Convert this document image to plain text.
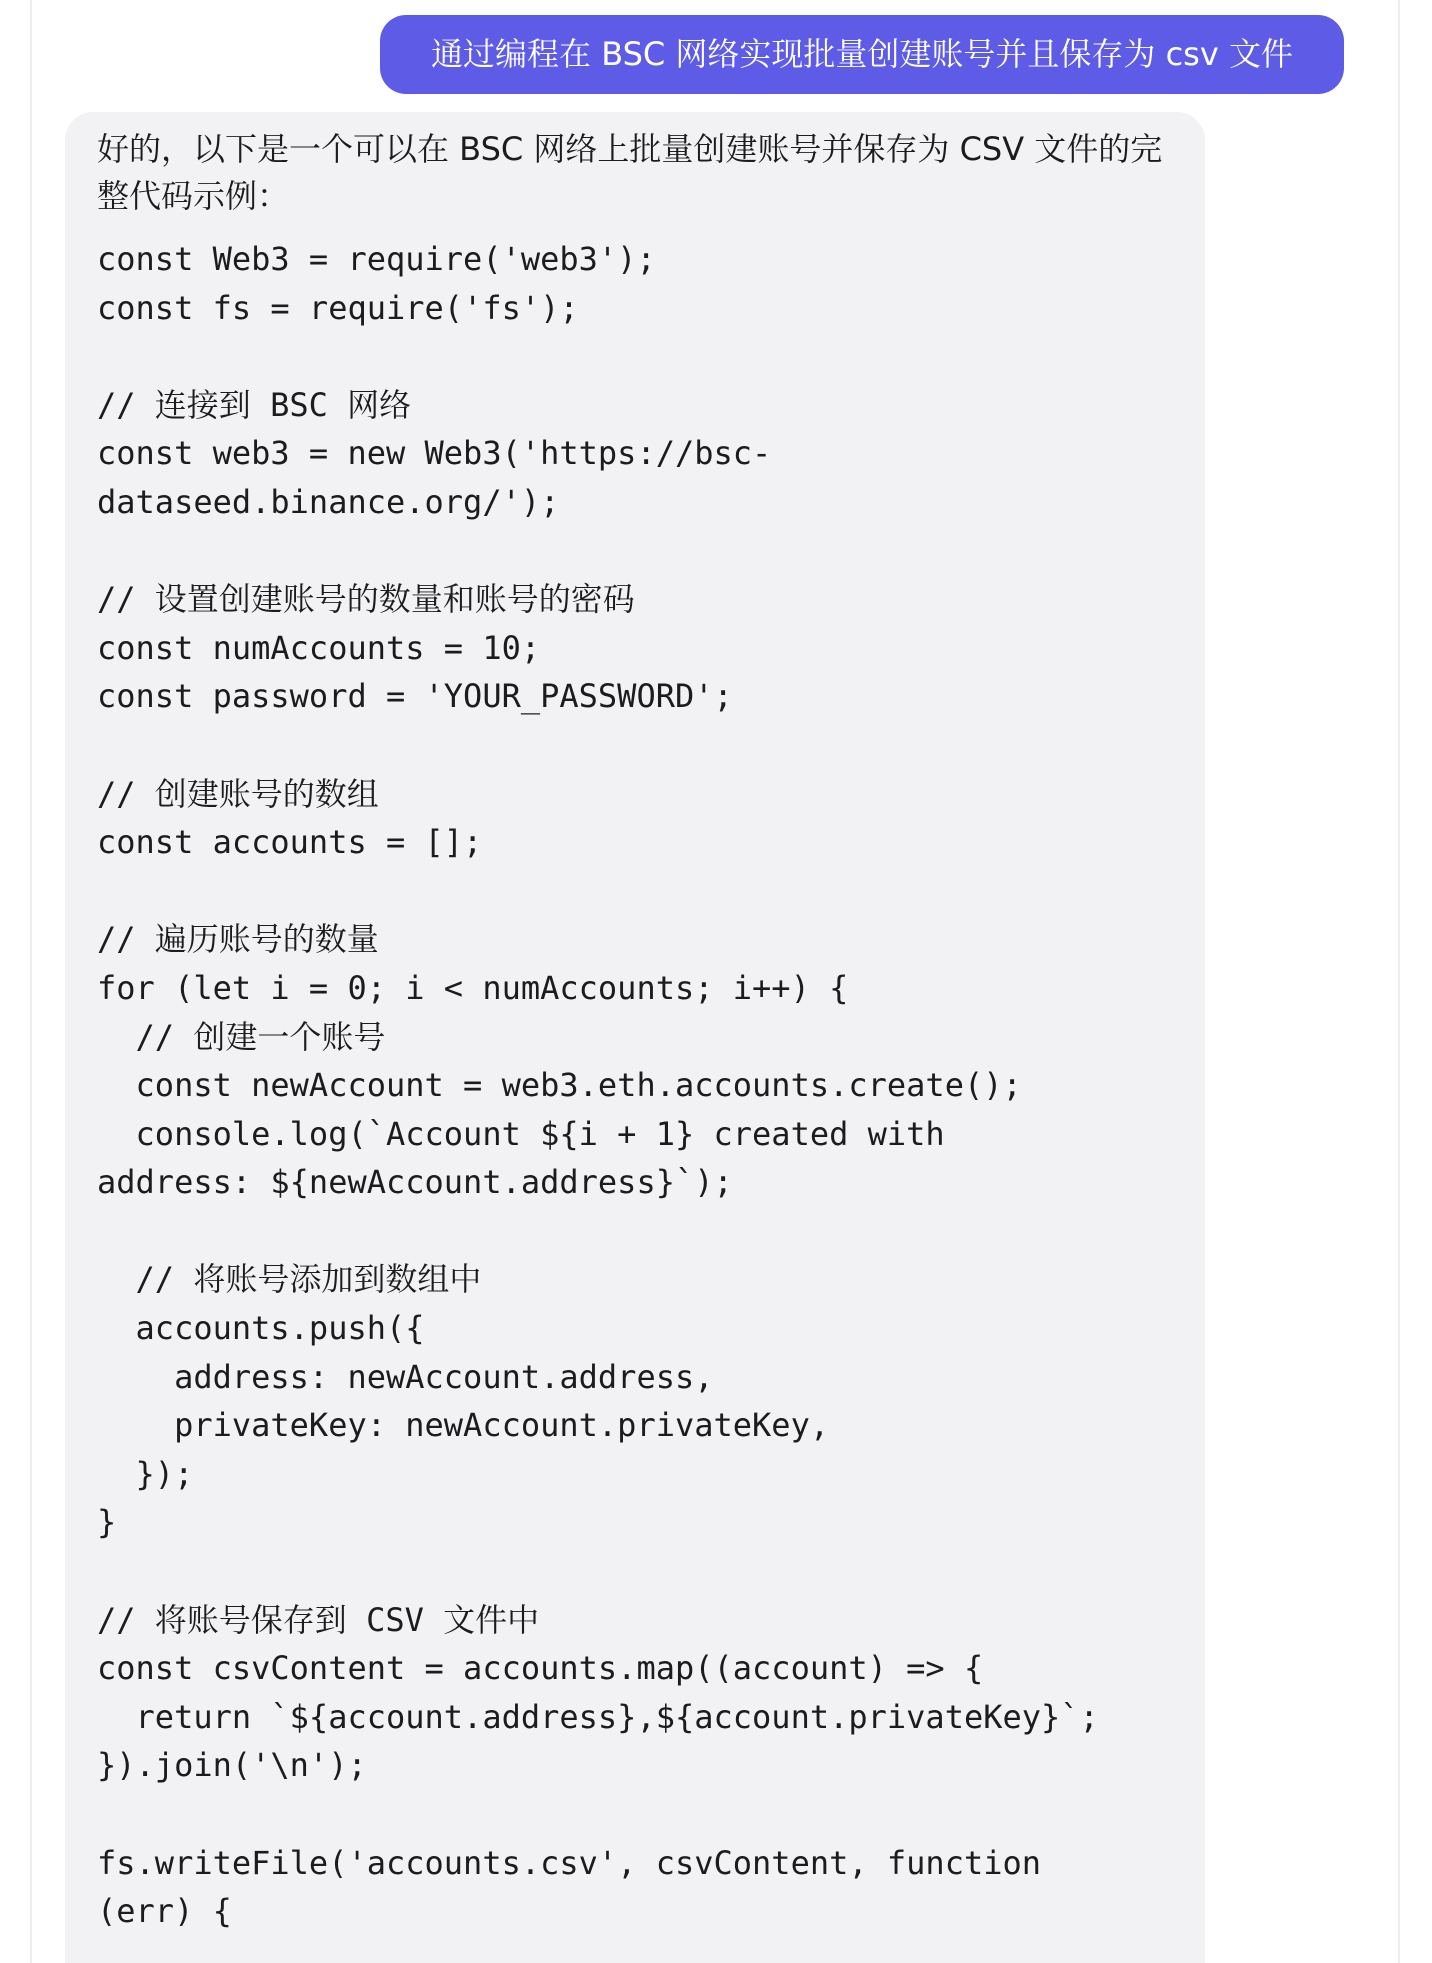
通过编程在 BSC 网络实现批量创建账号并且保存为 csv 文件

好的，以下是一个可以在 BSC 网络上批量创建账号并保存为 CSV 文件的完整代码示例：

const Web3 = require('web3');
const fs = require('fs');
// 连接到 BSC 网络
const web3 = new Web3('https://bsc-
dataseed.binance.org/');
// 设置创建账号的数量和账号的密码
const numAccounts = 10;
const password = 'YOUR_PASSWORD';
// 创建账号的数组
const accounts = [];
// 遍历账号的数量
for (let i = 0; i < numAccounts; i++) {
// 创建一个账号
const newAccount = web3.eth.accounts.create();
console.log(`Account ${i + 1} created with
address: ${newAccount.address}`);
// 将账号添加到数组中
accounts.push({
address: newAccount.address,
privateKey: newAccount.privateKey,
});
}
// 将账号保存到 CSV 文件中
const csvContent = accounts.map((account) => {
return `${account.address},${account.privateKey}`;
}).join('\n');
fs.writeFile('accounts.csv', csvContent, function
(err) {
